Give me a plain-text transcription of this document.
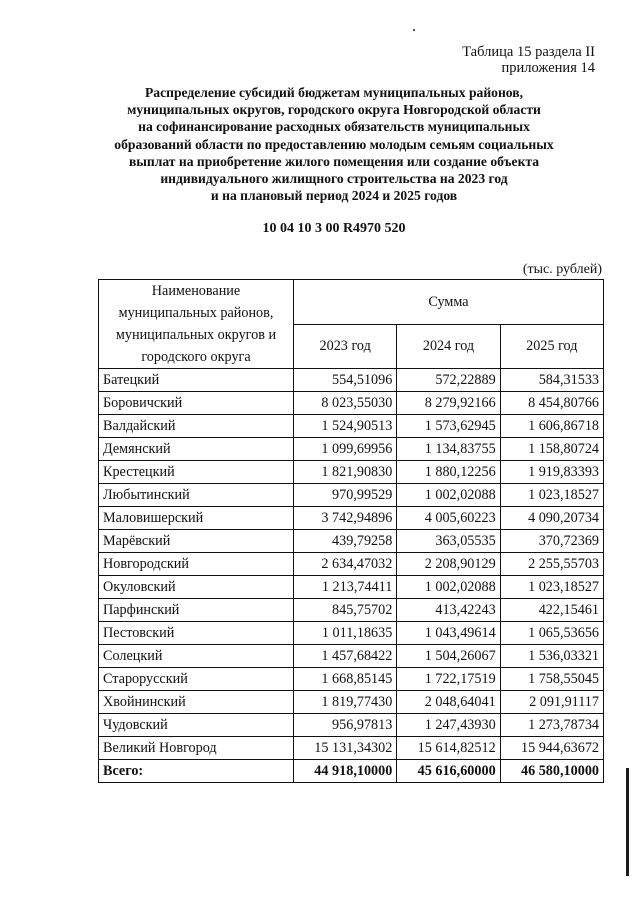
Таблица 15 раздела II
приложения 14
Распределение субсидий бюджетам муниципальных районов,
муниципальных округов, городского округа Новгородской области
на софинансирование расходных обязательств муниципальных
образований области по предоставлению молодым семьям социальных
выплат на приобретение жилого помещения или создание объекта
индивидуального жилищного строительства на 2023 год
и на плановый период 2024 и 2025 годов
10 04 10 3 00 R4970 520
(тыс. рублей)
Наименование
муниципальных районов,
муниципальных округов и
городского округа	Сумма		
	2023 год	2024 год	2025 год
Батецкий	554,51096	572,22889	584,31533
Боровичский	8 023,55030	8 279,92166	8 454,80766
Валдайский	1 524,90513	1 573,62945	1 606,86718
Демянский	1 099,69956	1 134,83755	1 158,80724
Крестецкий	1 821,90830	1 880,12256	1 919,83393
Любытинский	970,99529	1 002,02088	1 023,18527
Маловишерский	3 742,94896	4 005,60223	4 090,20734
Марёвский	439,79258	363,05535	370,72369
Новгородский	2 634,47032	2 208,90129	2 255,55703
Окуловский	1 213,74411	1 002,02088	1 023,18527
Парфинский	845,75702	413,42243	422,15461
Пестовский	1 011,18635	1 043,49614	1 065,53656
Солецкий	1 457,68422	1 504,26067	1 536,03321
Старорусский	1 668,85145	1 722,17519	1 758,55045
Хвойнинский	1 819,77430	2 048,64041	2 091,91117
Чудовский	956,97813	1 247,43930	1 273,78734
Великий Новгород	15 131,34302	15 614,82512	15 944,63672
Всего:	44 918,10000	45 616,60000	46 580,10000
